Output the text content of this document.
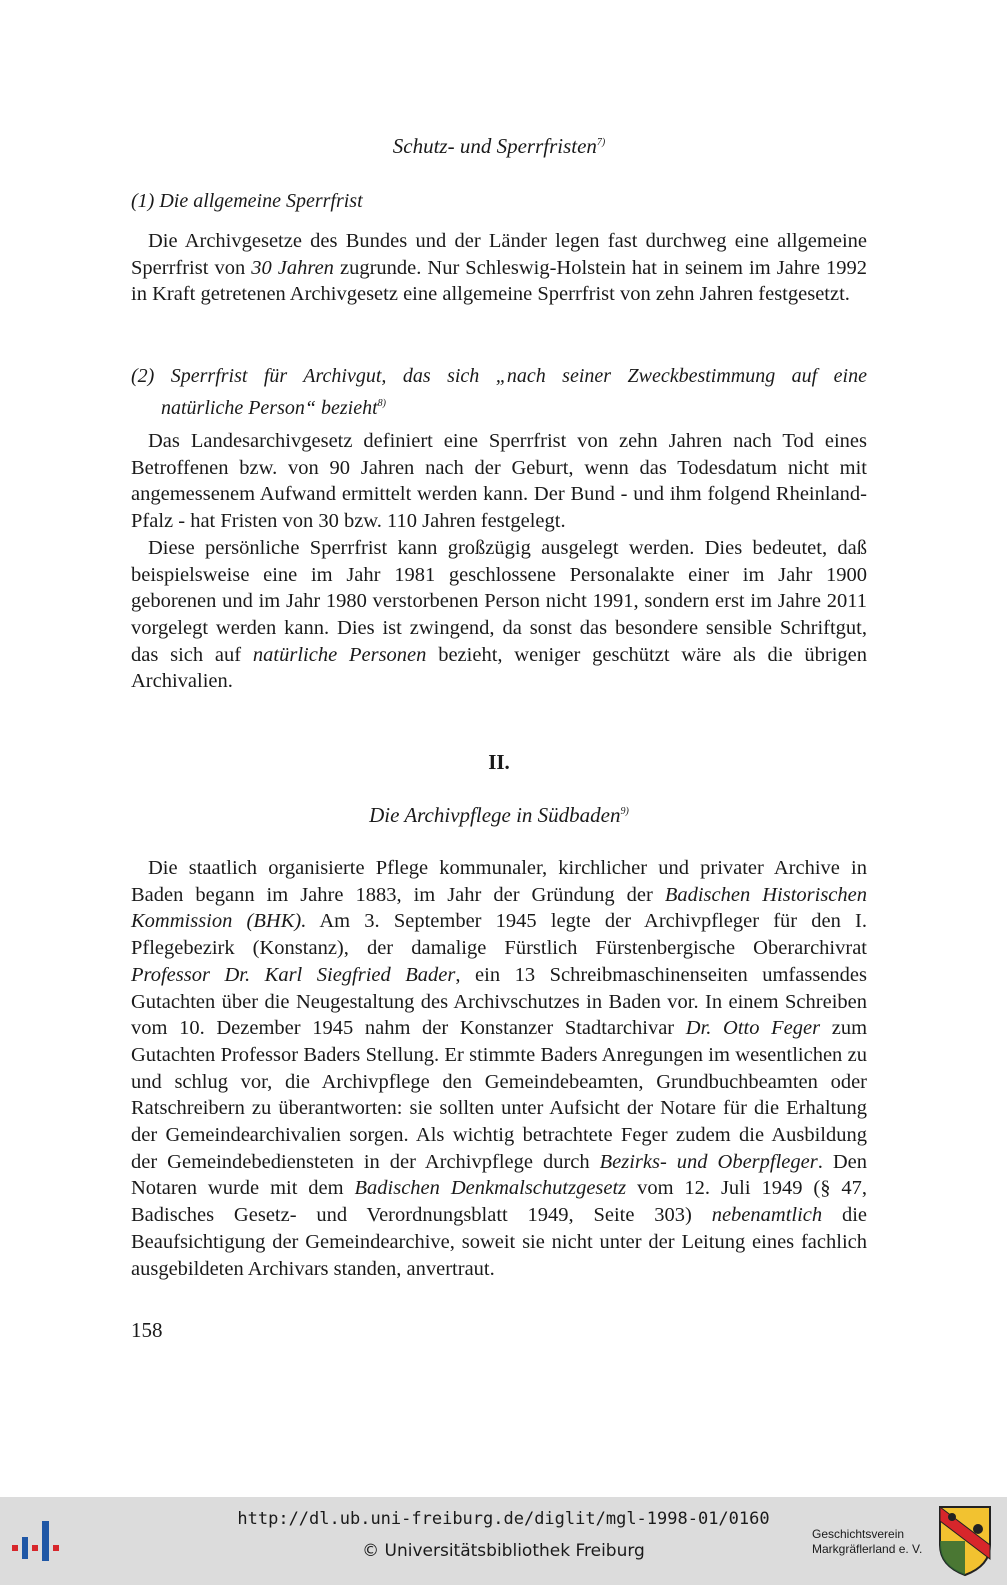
Schutz- und Sperrfristen$^{7)}$
(1) Die allgemeine Sperrfrist

Die Archivgesetze des Bundes und der Länder legen fast durchweg eine allgemeine Sperrfrist von 30 Jahren zugrunde. Nur Schleswig-Holstein hat in seinem im Jahre 1992 in Kraft getretenen Archivgesetz eine allgemeine Sperrfrist von zehn Jahren festgesetzt.

(2) Sperrfrist für Archivgut, das sich „nach seiner Zweckbestimmung auf eine
natürliche Person“ bezieht$^{8)}$

Das Landesarchivgesetz definiert eine Sperrfrist von zehn Jahren nach Tod eines Betroffenen bzw. von 90 Jahren nach der Geburt, wenn das Todesdatum nicht mit angemessenem Aufwand ermittelt werden kann. Der Bund - und ihm folgend Rheinland-Pfalz - hat Fristen von 30 bzw. 110 Jahren festgelegt.

Diese persönliche Sperrfrist kann großzügig ausgelegt werden. Dies bedeutet, daß beispielsweise eine im Jahr 1981 geschlossene Personalakte einer im Jahr 1900 geborenen und im Jahr 1980 verstorbenen Person nicht 1991, sondern erst im Jahre 2011 vorgelegt werden kann. Dies ist zwingend, da sonst das besondere sensible Schriftgut, das sich auf natürliche Personen bezieht, weniger geschützt wäre als die übrigen Archivalien.

II.
Die Archivpflege in Südbaden$^{9)}$

Die staatlich organisierte Pflege kommunaler, kirchlicher und privater Archive in Baden begann im Jahre 1883, im Jahr der Gründung der Badischen Historischen Kommission (BHK). Am 3. September 1945 legte der Archivpfleger für den I. Pflegebezirk (Konstanz), der damalige Fürstlich Fürstenbergische Oberarchivrat Professor Dr. Karl Siegfried Bader, ein 13 Schreibmaschinenseiten umfassendes Gutachten über die Neugestaltung des Archivschutzes in Baden vor. In einem Schreiben vom 10. Dezember 1945 nahm der Konstanzer Stadtarchivar Dr. Otto Feger zum Gutachten Professor Baders Stellung. Er stimmte Baders Anregungen im wesentlichen zu und schlug vor, die Archivpflege den Gemeindebeamten, Grundbuchbeamten oder Ratschreibern zu überantworten: sie sollten unter Aufsicht der Notare für die Erhaltung der Gemeindearchivalien sorgen. Als wichtig betrachtete Feger zudem die Ausbildung der Gemeindebediensteten in der Archivpflege durch Bezirks- und Oberpfleger. Den Notaren wurde mit dem Badischen Denkmalschutzgesetz vom 12. Juli 1949 (§ 47, Badisches Gesetz- und Verordnungsblatt 1949, Seite 303) nebenamtlich die Beaufsichtigung der Gemeindearchive, soweit sie nicht unter der Leitung eines fachlich ausgebildeten Archivars standen, anvertraut.

158
http://dl.ub.uni-freiburg.de/diglit/mgl-1998-01/0160
© Universitätsbibliothek Freiburg
Geschichtsverein
Markgräflerland e. V.
